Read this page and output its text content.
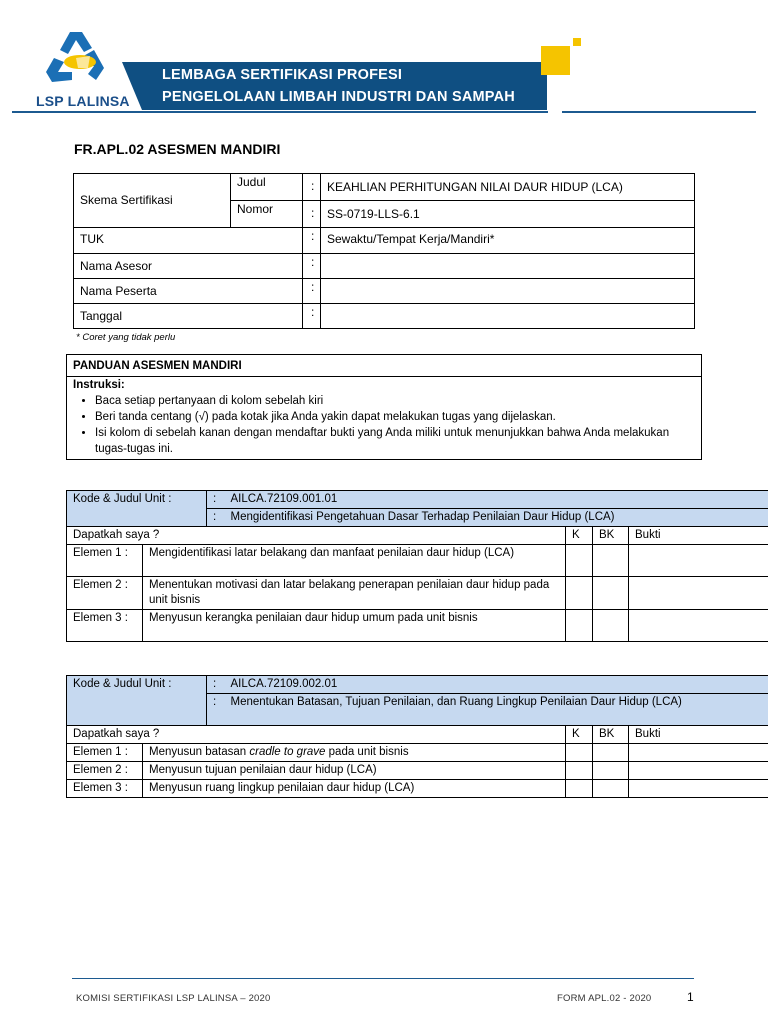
LSP LALINSA
LEMBAGA SERTIFIKASI PROFESI
PENGELOLAAN LIMBAH INDUSTRI DAN SAMPAH
FR.APL.02 ASESMEN MANDIRI
Skema Sertifikasi	Judul	:	KEAHLIAN PERHITUNGAN NILAI DAUR HIDUP (LCA)
	Nomor	:	SS-0719-LLS-6.1
TUK		:	Sewaktu/Tempat Kerja/Mandiri*
Nama Asesor		:	
Nama Peserta		:	
Tanggal		:	
* Coret yang tidak perlu
PANDUAN ASESMEN MANDIRI

Instruksi:
• Baca setiap pertanyaan di kolom sebelah kiri
• Beri tanda centang (√) pada kotak jika Anda yakin dapat melakukan tugas yang dijelaskan.
• Isi kolom di sebelah kanan dengan mendaftar bukti yang Anda miliki untuk menunjukkan bahwa Anda melakukan tugas-tugas ini.
Kode & Judul Unit :		:	AILCA.72109.001.01			
		:	Mengidentifikasi Pengetahuan Dasar Terhadap Penilaian Daur Hidup (LCA)			
Dapatkah saya ?				K	BK	Bukti
Elemen 1 :	Mengidentifikasi latar belakang dan manfaat penilaian daur hidup (LCA)					
Elemen 2 :	Menentukan motivasi dan latar belakang penerapan penilaian daur hidup pada unit bisnis					
Elemen 3 :	Menyusun kerangka penilaian daur hidup umum pada unit bisnis					
Kode & Judul Unit :		:	AILCA.72109.002.01			
		:	Menentukan Batasan, Tujuan Penilaian, dan Ruang Lingkup Penilaian Daur Hidup (LCA)			
Dapatkah saya ?				K	BK	Bukti
Elemen 1 :	Menyusun batasan cradle to grave pada unit bisnis					
Elemen 2 :	Menyusun tujuan penilaian daur hidup (LCA)					
Elemen 3 :	Menyusun ruang lingkup penilaian daur hidup (LCA)					
KOMISI SERTIFIKASI LSP LALINSA – 2020	FORM APL.02 - 2020	1
